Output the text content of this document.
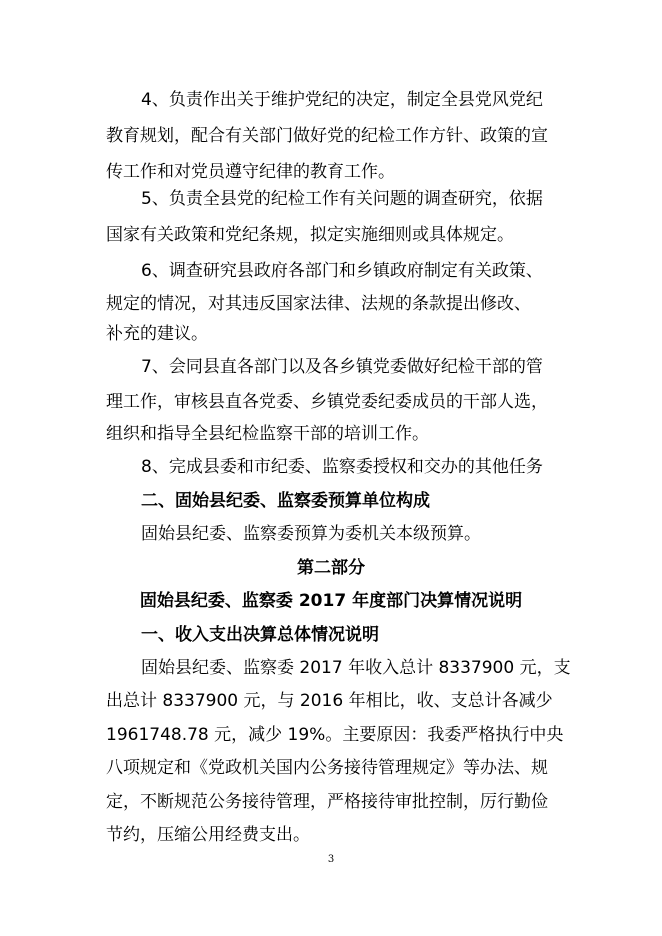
4、负责作出关于维护党纪的决定，制定全县党风党纪

教育规划，配合有关部门做好党的纪检工作方针、政策的宣

传工作和对党员遵守纪律的教育工作。

5、负责全县党的纪检工作有关问题的调查研究，依据

国家有关政策和党纪条规，拟定实施细则或具体规定。

6、调查研究县政府各部门和乡镇政府制定有关政策、

规定的情况，对其违反国家法律、法规的条款提出修改、

补充的建议。

7、会同县直各部门以及各乡镇党委做好纪检干部的管

理工作，审核县直各党委、乡镇党委纪委成员的干部人选，

组织和指导全县纪检监察干部的培训工作。

8、完成县委和市纪委、监察委授权和交办的其他任务

二、固始县纪委、监察委预算单位构成

固始县纪委、监察委预算为委机关本级预算。

第二部分

固始县纪委、监察委 2017 年度部门决算情况说明

一、收入支出决算总体情况说明

固始县纪委、监察委 2017 年收入总计 8337900 元，支

出总计 8337900 元，与 2016 年相比，收、支总计各减少

1961748.78 元，减少 19%。主要原因：我委严格执行中央

八项规定和《党政机关国内公务接待管理规定》等办法、规

定，不断规范公务接待管理，严格接待审批控制，厉行勤俭

节约，压缩公用经费支出。

3
